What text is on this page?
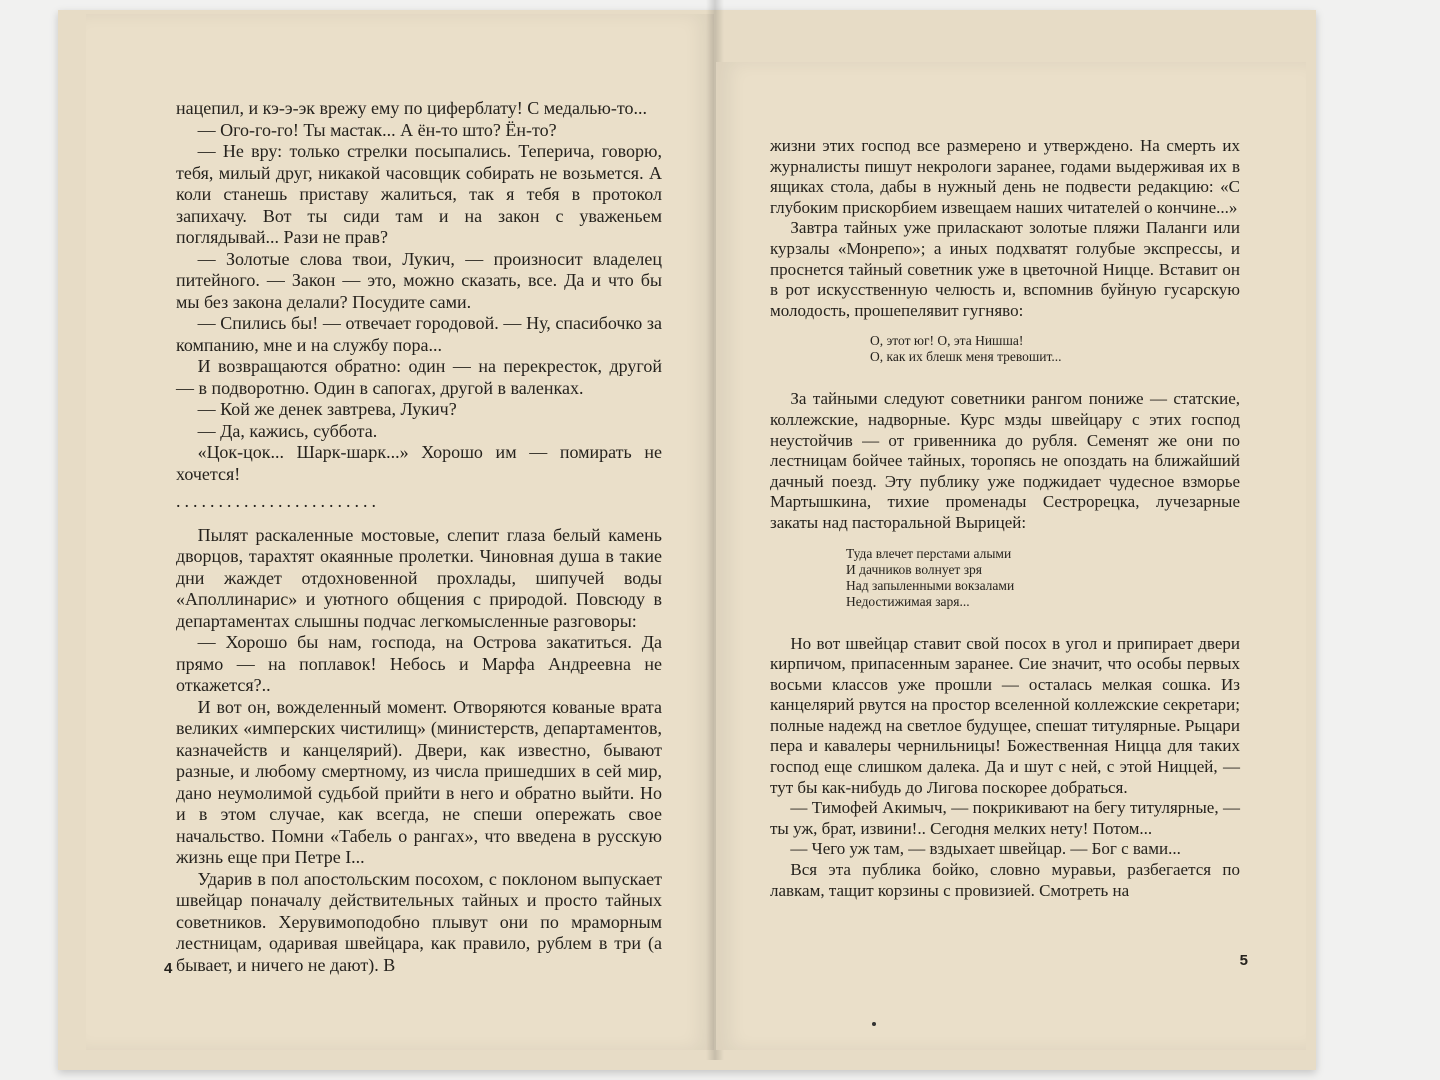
нацепил, и кэ-э-эк врежу ему по циферблату! С медалью-то...

— Ого-го-го! Ты мастак... А ён-то што? Ён-то?

— Не вру: только стрелки посыпались. Теперича, говорю, тебя, милый друг, никакой часовщик собирать не возьмется. А коли станешь приставу жалиться, так я тебя в протокол запихачу. Вот ты сиди там и на закон с уваженьем поглядывай... Рази не прав?

— Золотые слова твои, Лукич, — произносит владелец питейного. — Закон — это, можно сказать, все. Да и что бы мы без закона делали? Посудите сами.

— Спились бы! — отвечает городовой. — Ну, спасибочко за компанию, мне и на службу пора...

И возвращаются обратно: один — на перекресток, другой — в подворотню. Один в сапогах, другой в валенках.

— Кой же денек завтрева, Лукич?

— Да, кажись, суббота.

«Цок-цок... Шарк-шарк...» Хорошо им — помирать не хочется!

........................

Пылят раскаленные мостовые, слепит глаза белый камень дворцов, тарахтят окаянные пролетки. Чиновная душа в такие дни жаждет отдохновенной прохлады, шипучей воды «Аполлинарис» и уютного общения с природой. Повсюду в департаментах слышны подчас легкомысленные разговоры:

— Хорошо бы нам, господа, на Острова закатиться. Да прямо — на поплавок! Небось и Марфа Андреевна не откажется?..

И вот он, вожделенный момент. Отворяются кованые врата великих «имперских чистилищ» (министерств, департаментов, казначейств и канцелярий). Двери, как известно, бывают разные, и любому смертному, из числа пришедших в сей мир, дано неумолимой судьбой прийти в него и обратно выйти. Но и в этом случае, как всегда, не спеши опережать свое начальство. Помни «Табель о рангах», что введена в русскую жизнь еще при Петре I...

Ударив в пол апостольским посохом, с поклоном выпускает швейцар поначалу действительных тайных и просто тайных советников. Херувимоподобно плывут они по мраморным лестницам, одаривая швейцара, как правило, рублем в три (а бывает, и ничего не дают). В

4

жизни этих господ все размерено и утверждено. На смерть их журналисты пишут некрологи заранее, годами выдерживая их в ящиках стола, дабы в нужный день не подвести редакцию: «С глубоким прискорбием извещаем наших читателей о кончине...»

Завтра тайных уже приласкают золотые пляжи Паланги или курзалы «Монрепо»; а иных подхватят голубые экспрессы, и проснется тайный советник уже в цветочной Ницце. Вставит он в рот искусственную челюсть и, вспомнив буйную гусарскую молодость, прошепелявит гугняво:

О, этот юг! О, эта Нишша!
О, как их блешк меня тревошит...

За тайными следуют советники рангом пониже — статские, коллежские, надворные. Курс мзды швейцару с этих господ неустойчив — от гривенника до рубля. Семенят же они по лестницам бойчее тайных, торопясь не опоздать на ближайший дачный поезд. Эту публику уже поджидает чудесное взморье Мартышкина, тихие променады Сестрорецка, лучезарные закаты над пастоpальной Вырицей:

Туда влечет перстами алыми
И дачников волнует зря
Над запыленными вокзалами
Недостижимая заря...

Но вот швейцар ставит свой посох в угол и припирает двери кирпичом, припасенным заранее. Сие значит, что особы первых восьми классов уже прошли — осталась мелкая сошка. Из канцелярий рвутся на простор вселенной коллежские секретари; полные надежд на светлое будущее, спешат титулярные. Рыцари пера и кавалеры чернильницы! Божественная Ницца для таких господ еще слишком далека. Да и шут с ней, с этой Ниццей, — тут бы как-нибудь до Лигова поскорее добраться.

— Тимофей Акимыч, — покрикивают на бегу титулярные, — ты уж, брат, извини!.. Сегодня мелких нету! Потом...

— Чего уж там, — вздыхает швейцар. — Бог с вами...

Вся эта публика бойко, словно муравьи, разбегается по лавкам, тащит корзины с провизией. Смотреть на

5
